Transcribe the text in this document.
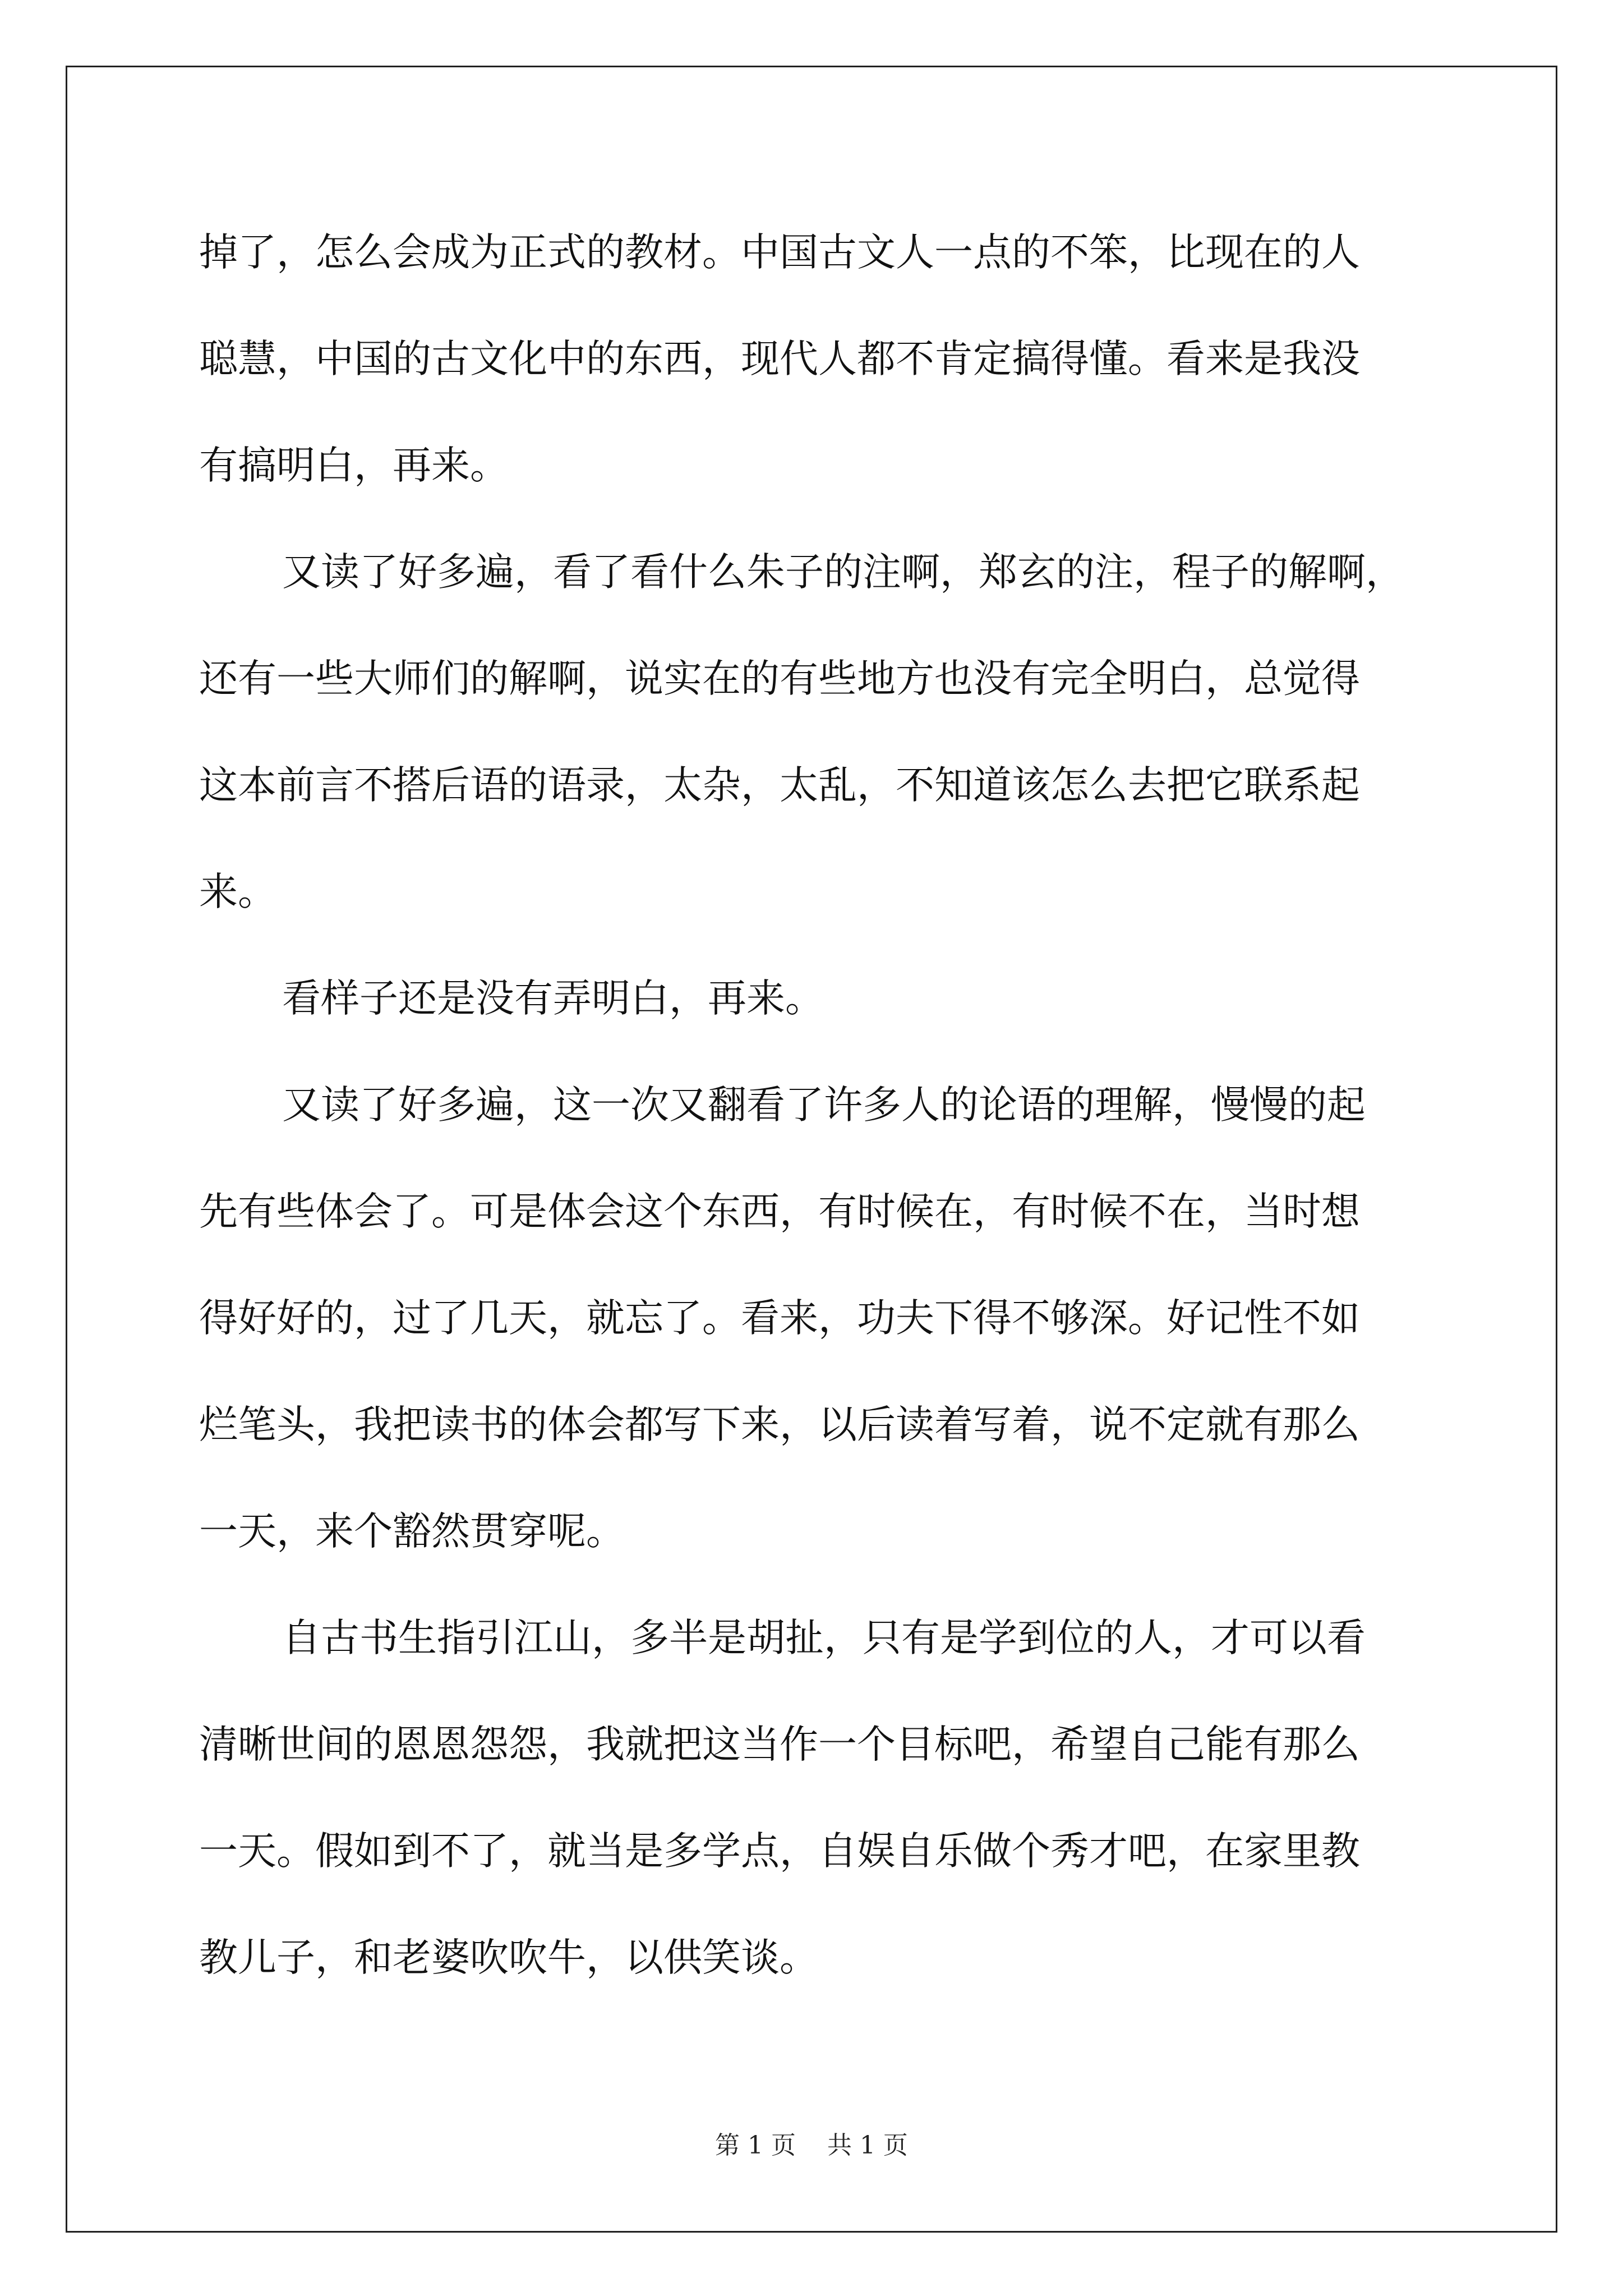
掉了，怎么会成为正式的教材。中国古文人一点的不笨，比现在的人
聪慧，中国的古文化中的东西，现代人都不肯定搞得懂。看来是我没
有搞明白，再来。
又读了好多遍，看了看什么朱子的注啊，郑玄的注，程子的解啊，
还有一些大师们的解啊，说实在的有些地方也没有完全明白，总觉得
这本前言不搭后语的语录，太杂，太乱，不知道该怎么去把它联系起
来。
看样子还是没有弄明白，再来。
又读了好多遍，这一次又翻看了许多人的论语的理解，慢慢的起
先有些体会了。可是体会这个东西，有时候在，有时候不在，当时想
得好好的，过了几天，就忘了。看来，功夫下得不够深。好记性不如
烂笔头，我把读书的体会都写下来，以后读着写着，说不定就有那么
一天，来个豁然贯穿呢。
自古书生指引江山，多半是胡扯，只有是学到位的人，才可以看
清晰世间的恩恩怨怨，我就把这当作一个目标吧，希望自己能有那么
一天。假如到不了，就当是多学点，自娱自乐做个秀才吧，在家里教
教儿子，和老婆吹吹牛，以供笑谈。
第 1 页    共 1 页
